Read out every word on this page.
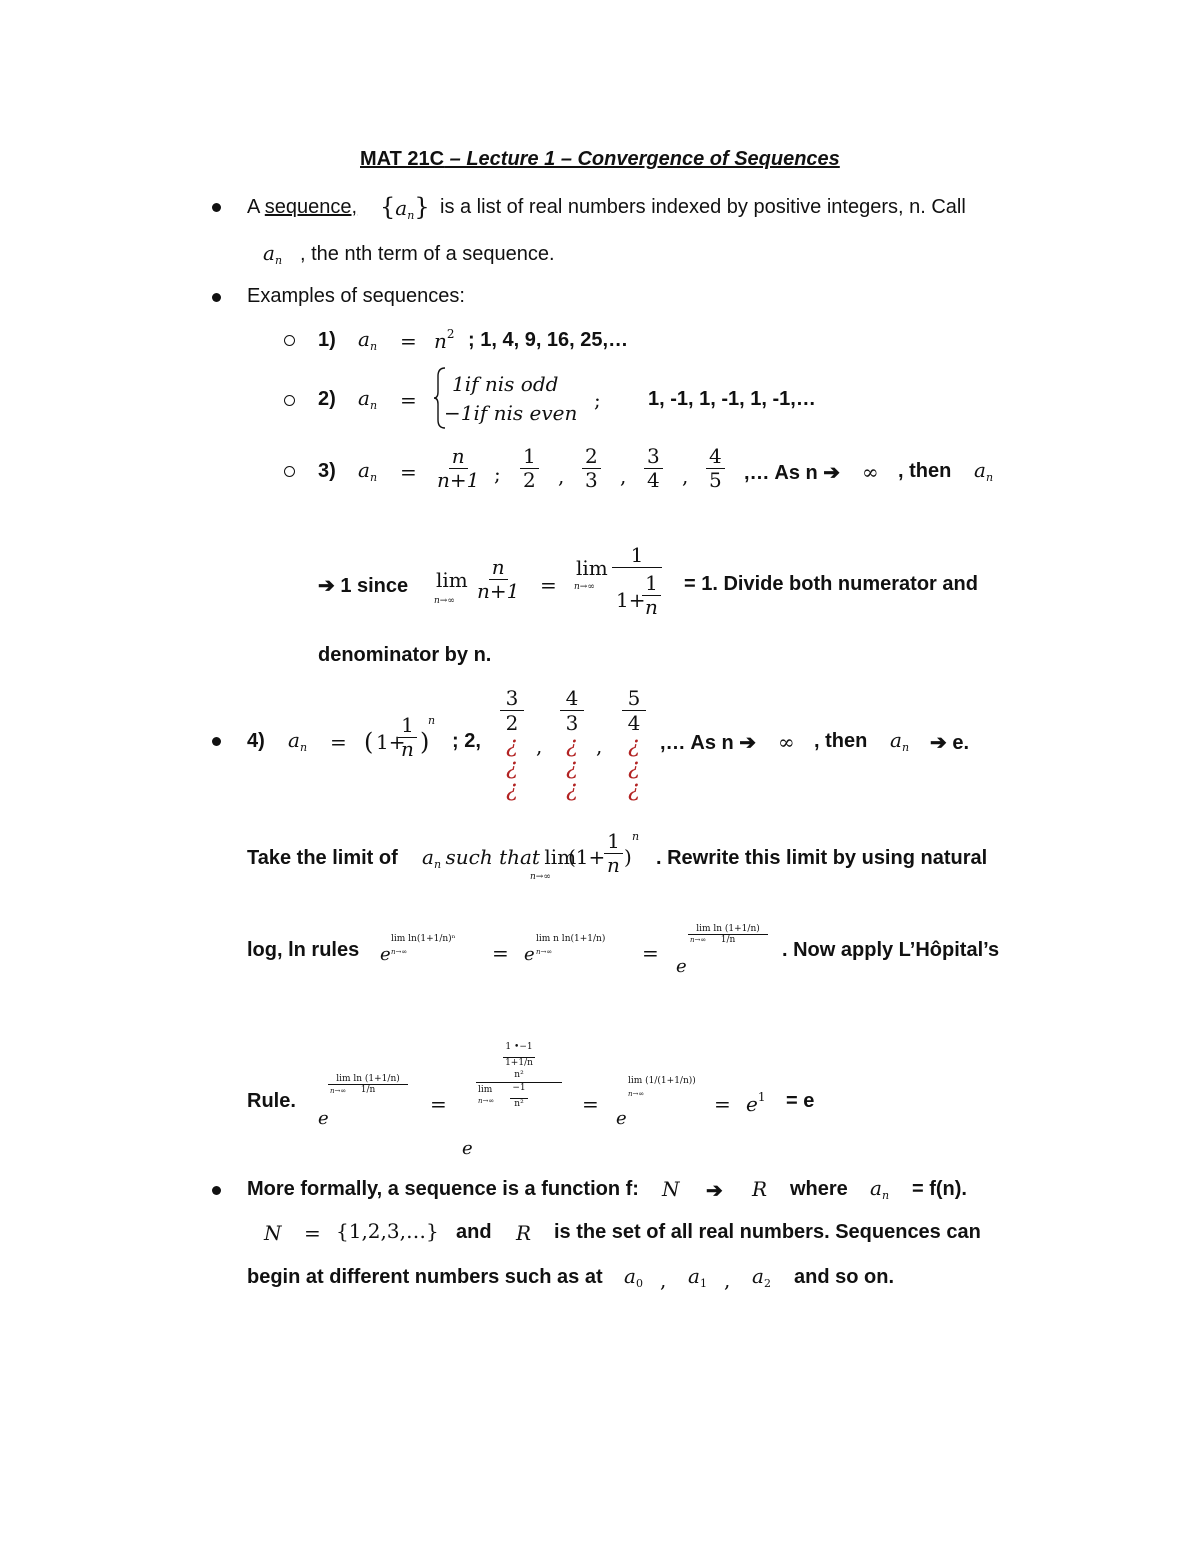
MAT 21C – Lecture 1 – Convergence of Sequences
A sequence, $\{a_n\}$ is a list of real numbers indexed by positive integers, n. Call
$a_n$ , the nth term of a sequence.
Examples of sequences:
1) $a_n = n^2$ ; 1, 4, 9, 16, 25,…
2) $a_n$ =
1if nis odd
−1if nis even
; 1, -1, 1, -1, 1, -1,…
3) $a_n = \frac{n}{n+1}$ ; $\frac{1}{2}$ , $\frac{2}{3}$ , $\frac{3}{4}$ , $\frac{4}{5}$ ,… As n ➔ ∞ , then $a_n$
➔ 1 since lim
$n\to\infty \frac{n}{n+1}$ =
lim
n→∞
1
1+
$\frac{1}{n} = 1$. Divide both numerator and
denominator by n.
4) $a_n$ = ( 1+
$\frac{1}{n}$ )
n
; 2,
3
2
¿
¿
¿
,
4
3
¿
¿
¿
,
5
4
¿
¿
¿
,… As n ➔ ∞ , then $a_n$ ➔ e.
Take the limit of $a_n$ such that lim
n→∞
(1+
$\frac{1}{n}$ )
n
. Rewrite this limit by using natural
log, ln rules e
lim ln(1+1/n)ⁿ
n→∞	= e
lim n ln(1+1/n)
n→∞	=
e
$\frac{\text{lim ln (1+1/n)}}{1/n}$
n→∞	. Now apply L’Hôpital’s
Rule.
e
$\frac{\text{lim ln (1+1/n)}}{1/n}$
n→∞
=
1 •−1
1+1/n
n²
−1
n²
lim
n→∞
e
=
e
lim (1/(1+1/n))
n→∞	= $e^1 = e$
More formally, a sequence is a function f: N ➔ R where $a_n = f(n)$.
N = {1,2,3,…} and R is the set of all real numbers. Sequences can
begin at different numbers such as at $a_0$ , $a_1$ , $a_2$ and so on.
